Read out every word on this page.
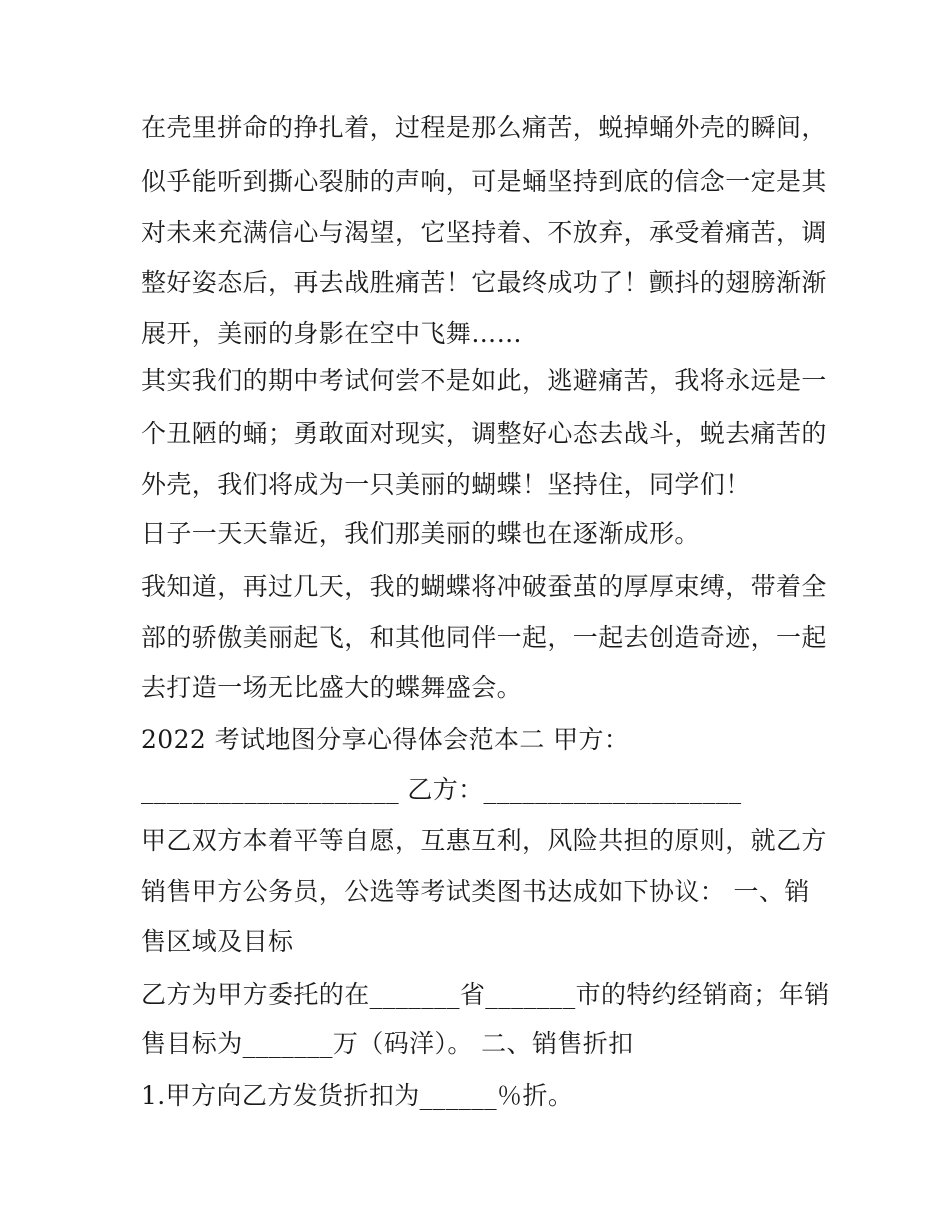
在壳里拼命的挣扎着，过程是那么痛苦，蜕掉蛹外壳的瞬间，
似乎能听到撕心裂肺的声响，可是蛹坚持到底的信念一定是其
对未来充满信心与渴望，它坚持着、不放弃，承受着痛苦，调
整好姿态后，再去战胜痛苦！它最终成功了！颤抖的翅膀渐渐
展开，美丽的身影在空中飞舞……
其实我们的期中考试何尝不是如此，逃避痛苦，我将永远是一
个丑陋的蛹；勇敢面对现实，调整好心态去战斗，蜕去痛苦的
外壳，我们将成为一只美丽的蝴蝶！坚持住，同学们！
日子一天天靠近，我们那美丽的蝶也在逐渐成形。
我知道，再过几天，我的蝴蝶将冲破蚕茧的厚厚束缚，带着全
部的骄傲美丽起飞，和其他同伴一起，一起去创造奇迹，一起
去打造一场无比盛大的蝶舞盛会。
2022 考试地图分享心得体会范本二 甲方：
____________________ 乙方：____________________
甲乙双方本着平等自愿，互惠互利，风险共担的原则，就乙方
销售甲方公务员，公选等考试类图书达成如下协议： 一、销
售区域及目标
乙方为甲方委托的在_______省_______市的特约经销商；年销
售目标为_______万（码洋）。 二、销售折扣
1.甲方向乙方发货折扣为______％折。
